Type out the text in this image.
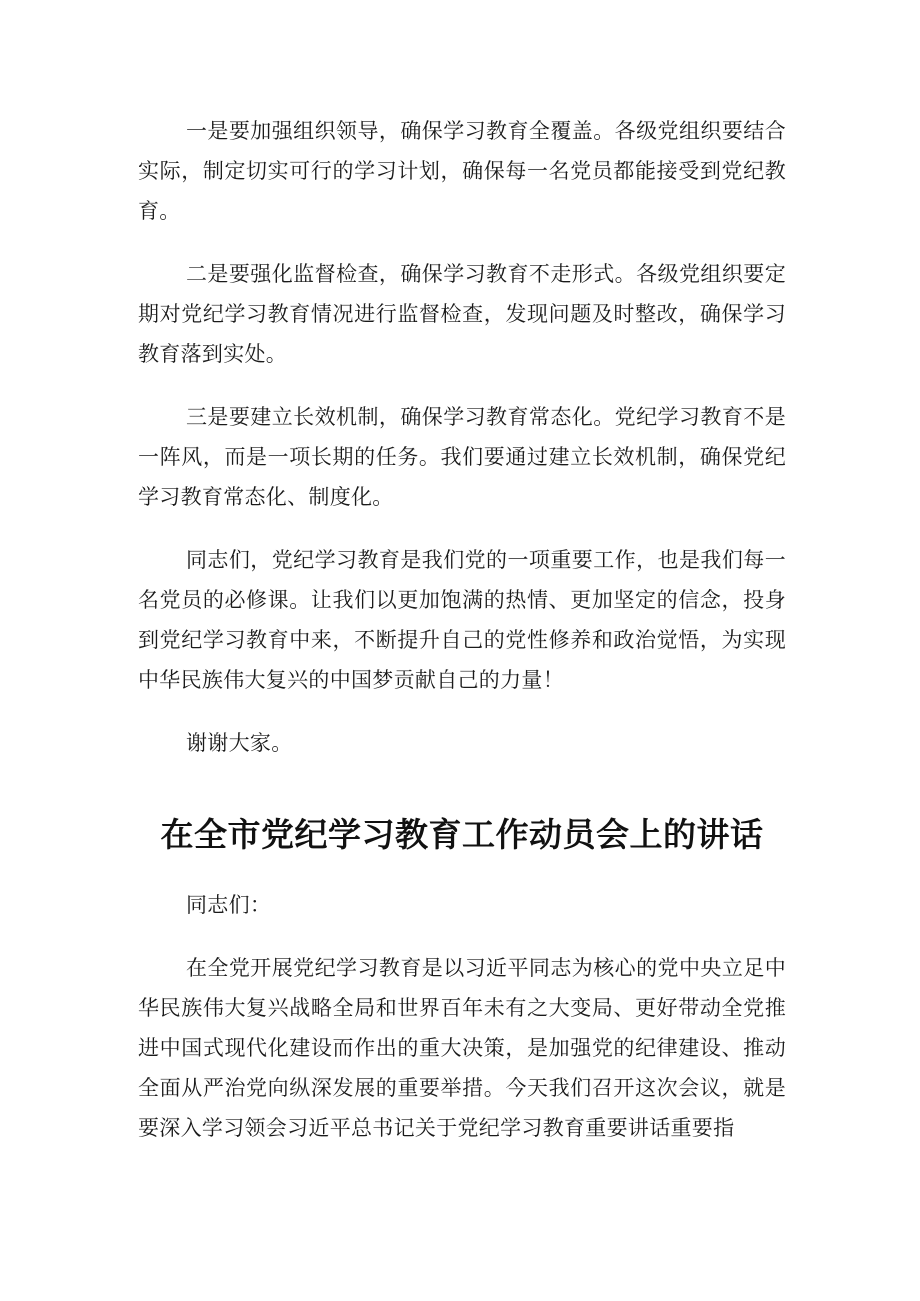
一是要加强组织领导，确保学习教育全覆盖。各级党组织要结合实际，制定切实可行的学习计划，确保每一名党员都能接受到党纪教育。

二是要强化监督检查，确保学习教育不走形式。各级党组织要定期对党纪学习教育情况进行监督检查，发现问题及时整改，确保学习教育落到实处。

三是要建立长效机制，确保学习教育常态化。党纪学习教育不是一阵风，而是一项长期的任务。我们要通过建立长效机制，确保党纪学习教育常态化、制度化。

同志们，党纪学习教育是我们党的一项重要工作，也是我们每一名党员的必修课。让我们以更加饱满的热情、更加坚定的信念，投身到党纪学习教育中来，不断提升自己的党性修养和政治觉悟，为实现中华民族伟大复兴的中国梦贡献自己的力量！

谢谢大家。

在全市党纪学习教育工作动员会上的讲话

同志们：

在全党开展党纪学习教育是以习近平同志为核心的党中央立足中华民族伟大复兴战略全局和世界百年未有之大变局、更好带动全党推进中国式现代化建设而作出的重大决策，是加强党的纪律建设、推动全面从严治党向纵深发展的重要举措。今天我们召开这次会议，就是要深入学习领会习近平总书记关于党纪学习教育重要讲话重要指
